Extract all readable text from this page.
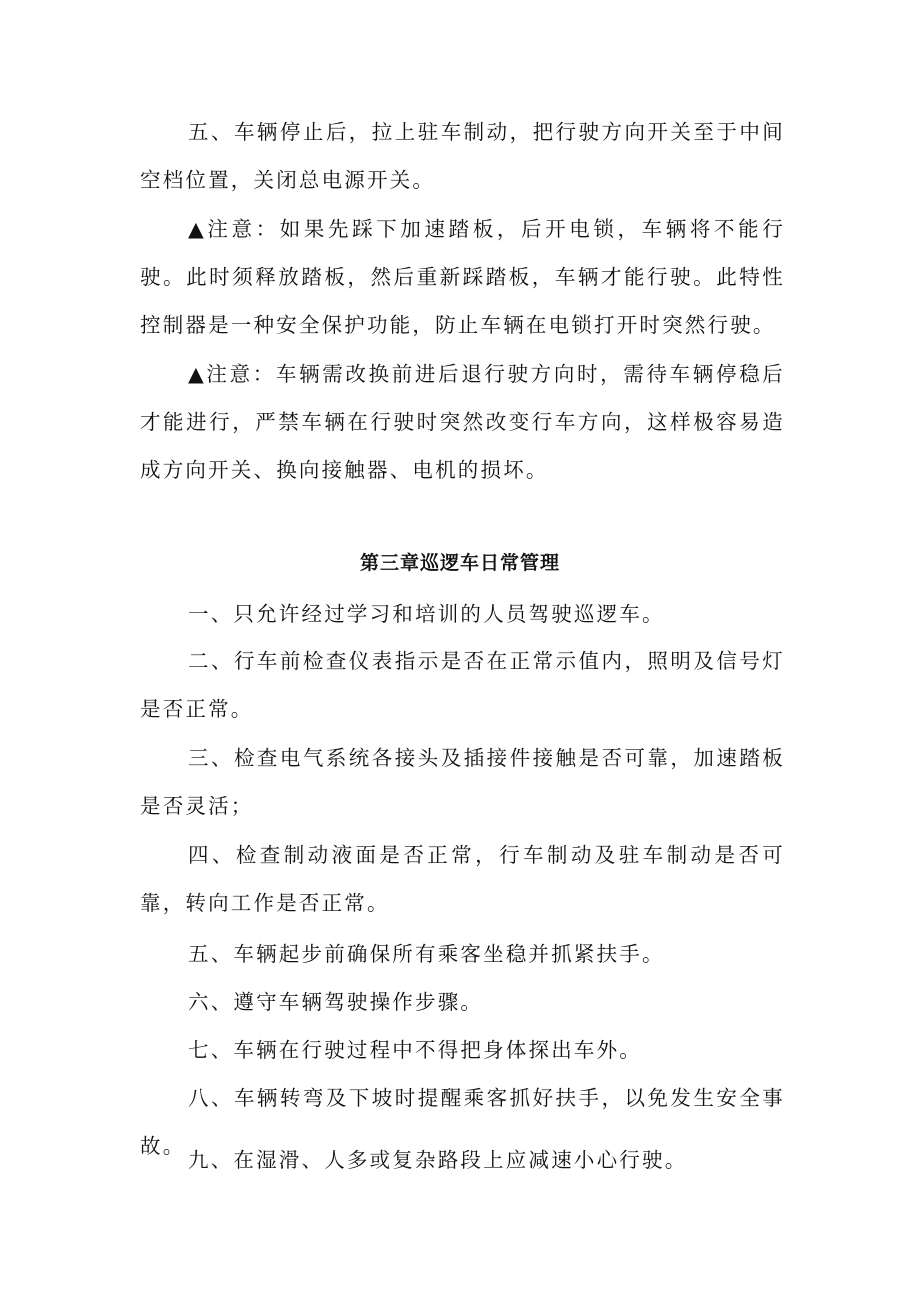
五、车辆停止后，拉上驻车制动，把行驶方向开关至于中间空档位置，关闭总电源开关。

▲注意：如果先踩下加速踏板，后开电锁，车辆将不能行驶。此时须释放踏板，然后重新踩踏板，车辆才能行驶。此特性控制器是一种安全保护功能，防止车辆在电锁打开时突然行驶。

▲注意：车辆需改换前进后退行驶方向时，需待车辆停稳后才能进行，严禁车辆在行驶时突然改变行车方向，这样极容易造成方向开关、换向接触器、电机的损坏。

第三章巡逻车日常管理

一、只允许经过学习和培训的人员驾驶巡逻车。

二、行车前检查仪表指示是否在正常示值内，照明及信号灯是否正常。

三、检查电气系统各接头及插接件接触是否可靠，加速踏板是否灵活；

四、检查制动液面是否正常，行车制动及驻车制动是否可靠，转向工作是否正常。

五、车辆起步前确保所有乘客坐稳并抓紧扶手。

六、遵守车辆驾驶操作步骤。

七、车辆在行驶过程中不得把身体探出车外。

八、车辆转弯及下坡时提醒乘客抓好扶手，以免发生安全事故。

九、在湿滑、人多或复杂路段上应减速小心行驶。
